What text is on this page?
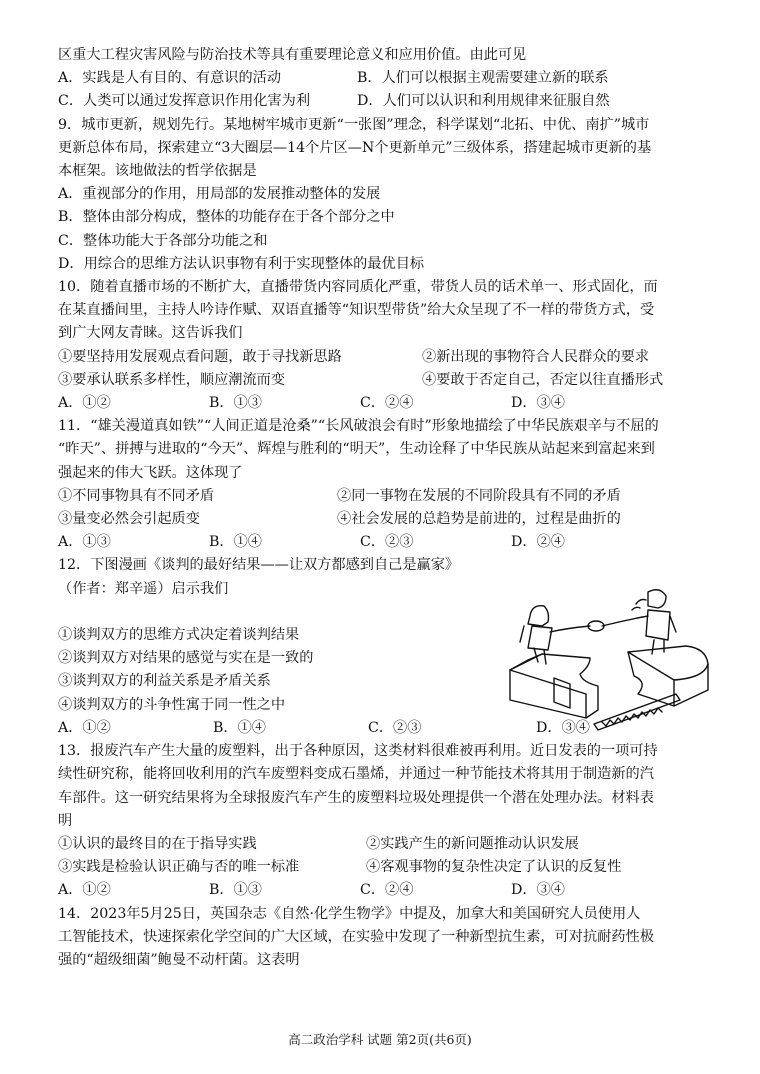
区重大工程灾害风险与防治技术等具有重要理论意义和应用价值。由此可见
A．实践是人有目的、有意识的活动	B．人们可以根据主观需要建立新的联系
C．人类可以通过发挥意识作用化害为利	D．人们可以认识和利用规律来征服自然
9．城市更新，规划先行。某地树牢城市更新“一张图”理念，科学谋划“北拓、中优、南扩”城市
更新总体布局，探索建立“3大圈层—14个片区—N个更新单元”三级体系，搭建起城市更新的基
本框架。该地做法的哲学依据是
A．重视部分的作用，用局部的发展推动整体的发展
B．整体由部分构成，整体的功能存在于各个部分之中
C．整体功能大于各部分功能之和
D．用综合的思维方法认识事物有利于实现整体的最优目标
10．随着直播市场的不断扩大，直播带货内容同质化严重，带货人员的话术单一、形式固化，而
在某直播间里，主持人吟诗作赋、双语直播等“知识型带货”给大众呈现了不一样的带货方式，受
到广大网友青睐。这告诉我们
①要坚持用发展观点看问题，敢于寻找新思路	②新出现的事物符合人民群众的要求
③要承认联系多样性，顺应潮流而变	④要敢于否定自己，否定以往直播形式
A．①②	B．①③	C．②④	D．③④
11．“雄关漫道真如铁”“人间正道是沧桑”“长风破浪会有时”形象地描绘了中华民族艰辛与不屈的
“昨天”、拼搏与进取的“今天”、辉煌与胜利的“明天”，生动诠释了中华民族从站起来到富起来到
强起来的伟大飞跃。这体现了
①不同事物具有不同矛盾	②同一事物在发展的不同阶段具有不同的矛盾
③量变必然会引起质变	④社会发展的总趋势是前进的，过程是曲折的
A．①③	B．①④	C．②③	D．②④
12．下图漫画《谈判的最好结果——让双方都感到自己是赢家》
（作者：郑辛遥）启示我们

①谈判双方的思维方式决定着谈判结果
②谈判双方对结果的感觉与实在是一致的
③谈判双方的利益关系是矛盾关系
④谈判双方的斗争性寓于同一性之中
A．①②	B．①④	C．②③	D．③④
13．报废汽车产生大量的废塑料，出于各种原因，这类材料很难被再利用。近日发表的一项可持
续性研究称，能将回收利用的汽车废塑料变成石墨烯，并通过一种节能技术将其用于制造新的汽
车部件。这一研究结果将为全球报废汽车产生的废塑料垃圾处理提供一个潜在处理办法。材料表
明
①认识的最终目的在于指导实践	②实践产生的新问题推动认识发展
③实践是检验认识正确与否的唯一标准	④客观事物的复杂性决定了认识的反复性
A．①②	B．①③	C．②④	D．③④
14．2023年5月25日，英国杂志《自然·化学生物学》中提及，加拿大和美国研究人员使用人
工智能技术，快速探索化学空间的广大区域，在实验中发现了一种新型抗生素，可对抗耐药性极
强的“超级细菌”鲍曼不动杆菌。这表明
高二政治学科 试题 第2页(共6页)
